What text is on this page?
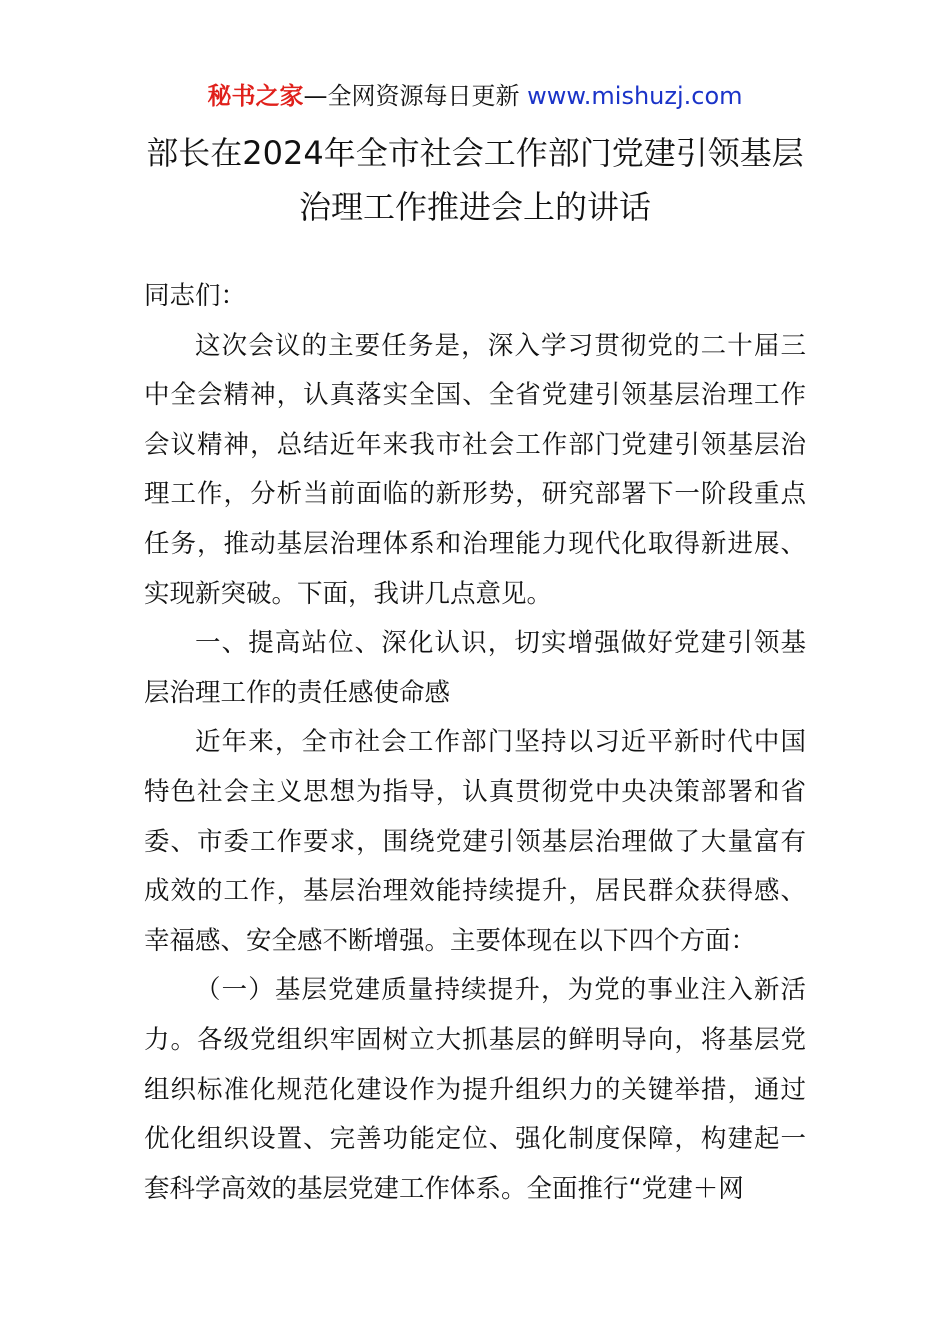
秘书之家—全网资源每日更新 www.mishuzj.com
部长在2024年全市社会工作部门党建引领基层
治理工作推进会上的讲话

同志们：

这次会议的主要任务是，深入学习贯彻党的二十届三中全会精神，认真落实全国、全省党建引领基层治理工作会议精神，总结近年来我市社会工作部门党建引领基层治理工作，分析当前面临的新形势，研究部署下一阶段重点任务，推动基层治理体系和治理能力现代化取得新进展、实现新突破。下面，我讲几点意见。

一、提高站位、深化认识，切实增强做好党建引领基层治理工作的责任感使命感

近年来，全市社会工作部门坚持以习近平新时代中国特色社会主义思想为指导，认真贯彻党中央决策部署和省委、市委工作要求，围绕党建引领基层治理做了大量富有成效的工作，基层治理效能持续提升，居民群众获得感、幸福感、安全感不断增强。主要体现在以下四个方面：

（一）基层党建质量持续提升，为党的事业注入新活力。各级党组织牢固树立大抓基层的鲜明导向，将基层党组织标准化规范化建设作为提升组织力的关键举措，通过优化组织设置、完善功能定位、强化制度保障，构建起一套科学高效的基层党建工作体系。全面推行“党建＋网
